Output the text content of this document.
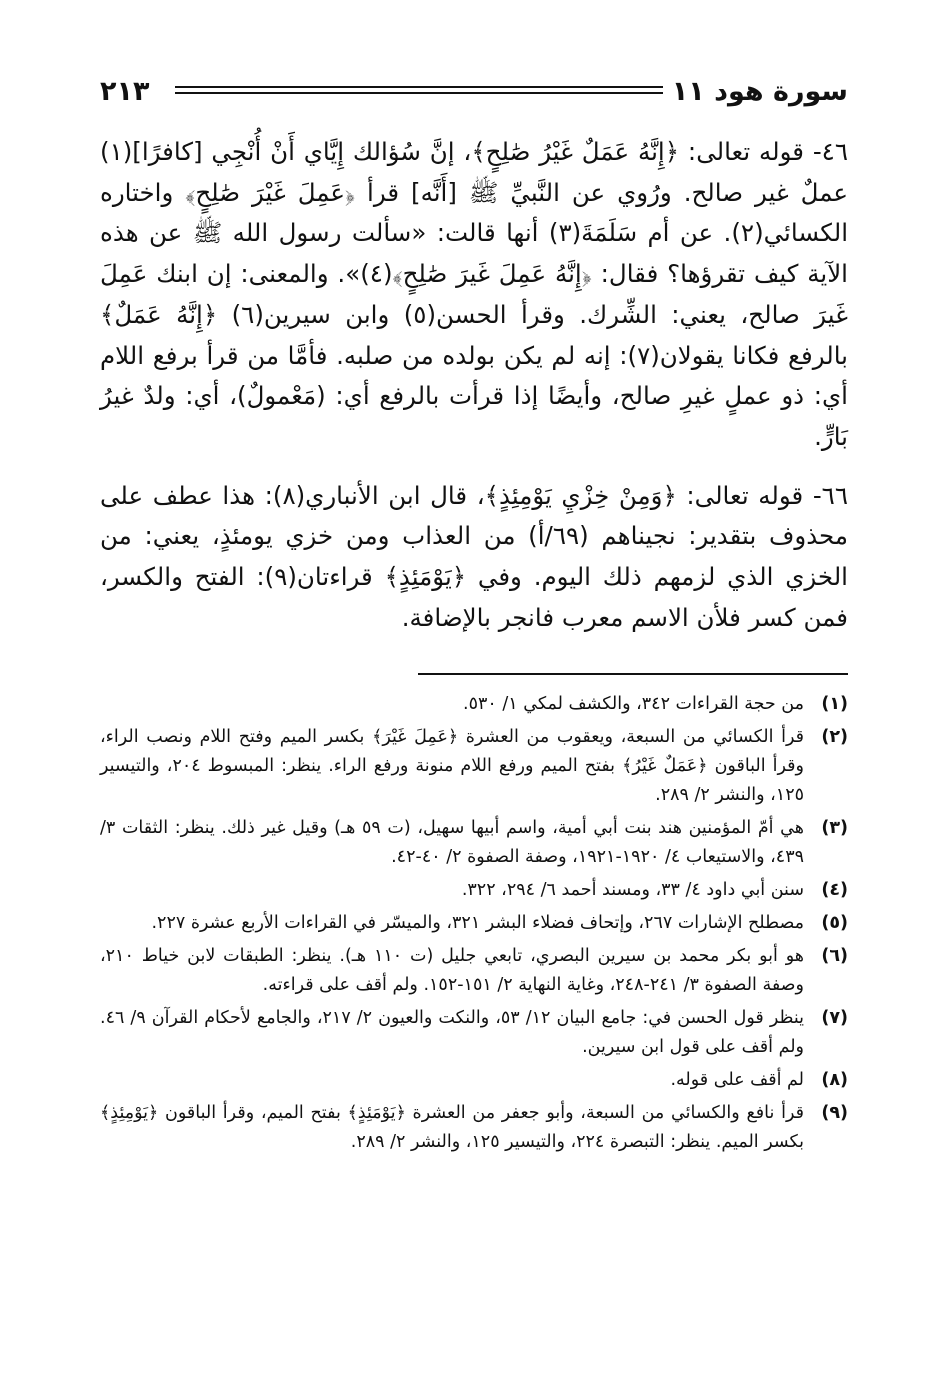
سورة هود ١١
٢١٣

٤٦- قوله تعالى: ﴿إِنَّهُ عَمَلٌ غَيْرُ صَٰلِحٍ﴾، إنَّ سُؤالك إِيَّاي أَنْ أُنْجِي [كافرًا](١) عملٌ غير صالح. ورُوي عن النَّبيِّ ﷺ [أَنَّه] قرأ ﴿عَمِلَ غَيْرَ صَٰلِحٍ﴾ واختاره الكسائي(٢). عن أم سَلَمَةَ(٣) أنها قالت: «سألت رسول الله ﷺ عن هذه الآية كيف تقرؤها؟ فقال: ﴿إِنَّهُ عَمِلَ غَيرَ صَٰلِحٍ﴾(٤)». والمعنى: إن ابنك عَمِلَ غَيرَ صالح، يعني: الشِّرك. وقرأ الحسن(٥) وابن سيرين(٦) ﴿إِنَّهُ عَمَلٌ﴾ بالرفع فكانا يقولان(٧): إنه لم يكن بولده من صلبه. فأمَّا من قرأ برفع اللام أي: ذو عملٍ غيرِ صالح، وأيضًا إذا قرأت بالرفع أي: (مَعْمولٌ)، أي: ولدٌ غيرُ بَارٍّ.

٦٦- قوله تعالى: ﴿وَمِنْ خِزْيِ يَوْمِئِذٍ﴾، قال ابن الأنباري(٨): هذا عطف على محذوف بتقدير: نجيناهم (٦٩/أ) من العذاب ومن خزي يومئذٍ، يعني: من الخزي الذي لزمهم ذلك اليوم. وفي ﴿يَوْمَئِذٍ﴾ قراءتان(٩): الفتح والكسر، فمن كسر فلأن الاسم معرب فانجر بالإضافة.

(١)
من حجة القراءات ٣٤٢، والكشف لمكي ١/ ٥٣٠.
(٢)
قرأ الكسائي من السبعة، ويعقوب من العشرة ﴿عَمِلَ غَيْرَ﴾ بكسر الميم وفتح اللام ونصب الراء، وقرأ الباقون ﴿عَمَلٌ غَيْرُ﴾ بفتح الميم ورفع اللام منونة ورفع الراء. ينظر: المبسوط ٢٠٤، والتيسير ١٢٥، والنشر ٢/ ٢٨٩.
(٣)
هي أمّ المؤمنين هند بنت أبي أمية، واسم أبيها سهيل، (ت ٥٩ هـ) وقيل غير ذلك. ينظر: الثقات ٣/ ٤٣٩، والاستيعاب ٤/ ١٩٢٠-١٩٢١، وصفة الصفوة ٢/ ٤٠-٤٢.
(٤)
سنن أبي داود ٤/ ٣٣، ومسند أحمد ٦/ ٢٩٤، ٣٢٢.
(٥)
مصطلح الإشارات ٢٦٧، وإتحاف فضلاء البشر ٣٢١، والميسّر في القراءات الأربع عشرة ٢٢٧.
(٦)
هو أبو بكر محمد بن سيرين البصري، تابعي جليل (ت ١١٠ هـ). ينظر: الطبقات لابن خياط ٢١٠، وصفة الصفوة ٣/ ٢٤١-٢٤٨، وغاية النهاية ٢/ ١٥١-١٥٢. ولم أقف على قراءته.
(٧)
ينظر قول الحسن في: جامع البيان ١٢/ ٥٣، والنكت والعيون ٢/ ٢١٧، والجامع لأحكام القرآن ٩/ ٤٦. ولم أقف على قول ابن سيرين.
(٨)
لم أقف على قوله.
(٩)
قرأ نافع والكسائي من السبعة، وأبو جعفر من العشرة ﴿يَوْمَئِذٍ﴾ بفتح الميم، وقرأ الباقون ﴿يَوْمِئِذٍ﴾ بكسر الميم. ينظر: التبصرة ٢٢٤، والتيسير ١٢٥، والنشر ٢/ ٢٨٩.
